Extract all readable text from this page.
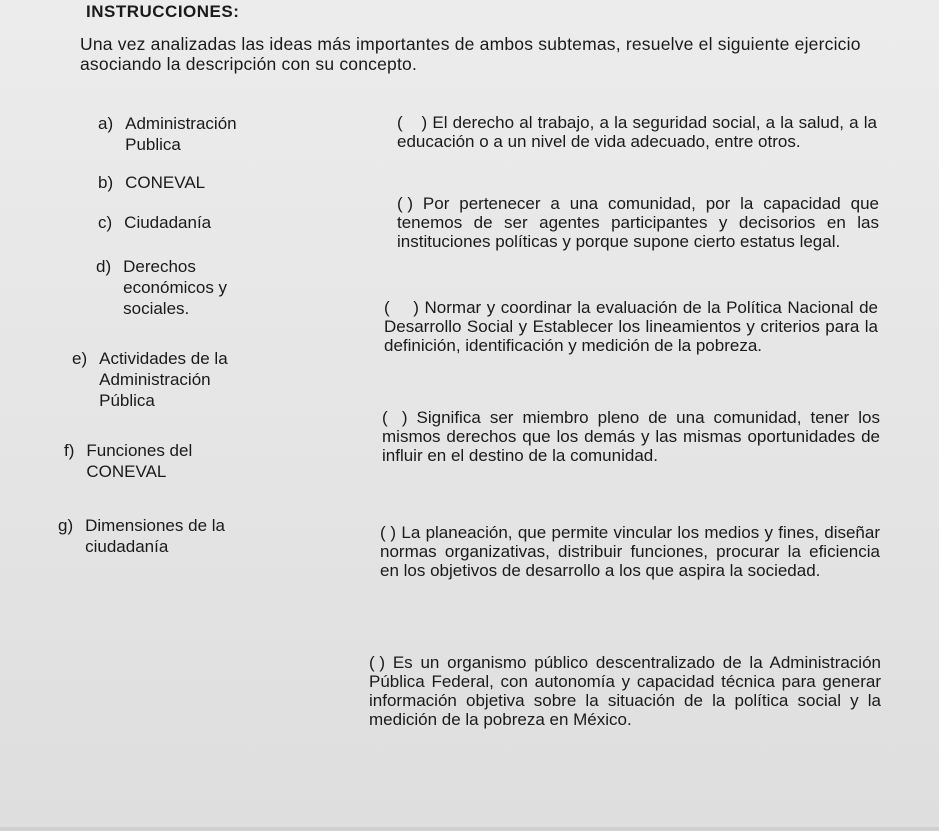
INSTRUCCIONES:
Una vez analizadas las ideas más importantes de ambos subtemas, resuelve el siguiente ejercicio asociando la descripción con su concepto.
a) Administración
Publica
b) CONEVAL
c) Ciudadanía
d) Derechos
económicos y
sociales.
e) Actividades de la
Administración
Pública
f) Funciones del
CONEVAL
g) Dimensiones de la
ciudadanía
(    ) El derecho al trabajo, a la seguridad social, a la salud, a la educación o a un nivel de vida adecuado, entre otros.
( ) Por pertenecer a una comunidad, por la capacidad que tenemos de ser agentes participantes y decisorios en las instituciones políticas y porque supone cierto estatus legal.
(     ) Normar y coordinar la evaluación de la Política Nacional de Desarrollo Social y Establecer los lineamientos y criterios para la definición, identificación y medición de la pobreza.
(   ) Significa ser miembro pleno de una comunidad, tener los mismos derechos que los demás y las mismas oportunidades de influir en el destino de la comunidad.
( ) La planeación, que permite vincular los medios y fines, diseñar normas organizativas, distribuir funciones, procurar la eficiencia en los objetivos de desarrollo a los que aspira la sociedad.
( ) Es un organismo público descentralizado de la Administración Pública Federal, con autonomía y capacidad técnica para generar información objetiva sobre la situación de la política social y la medición de la pobreza en México.
